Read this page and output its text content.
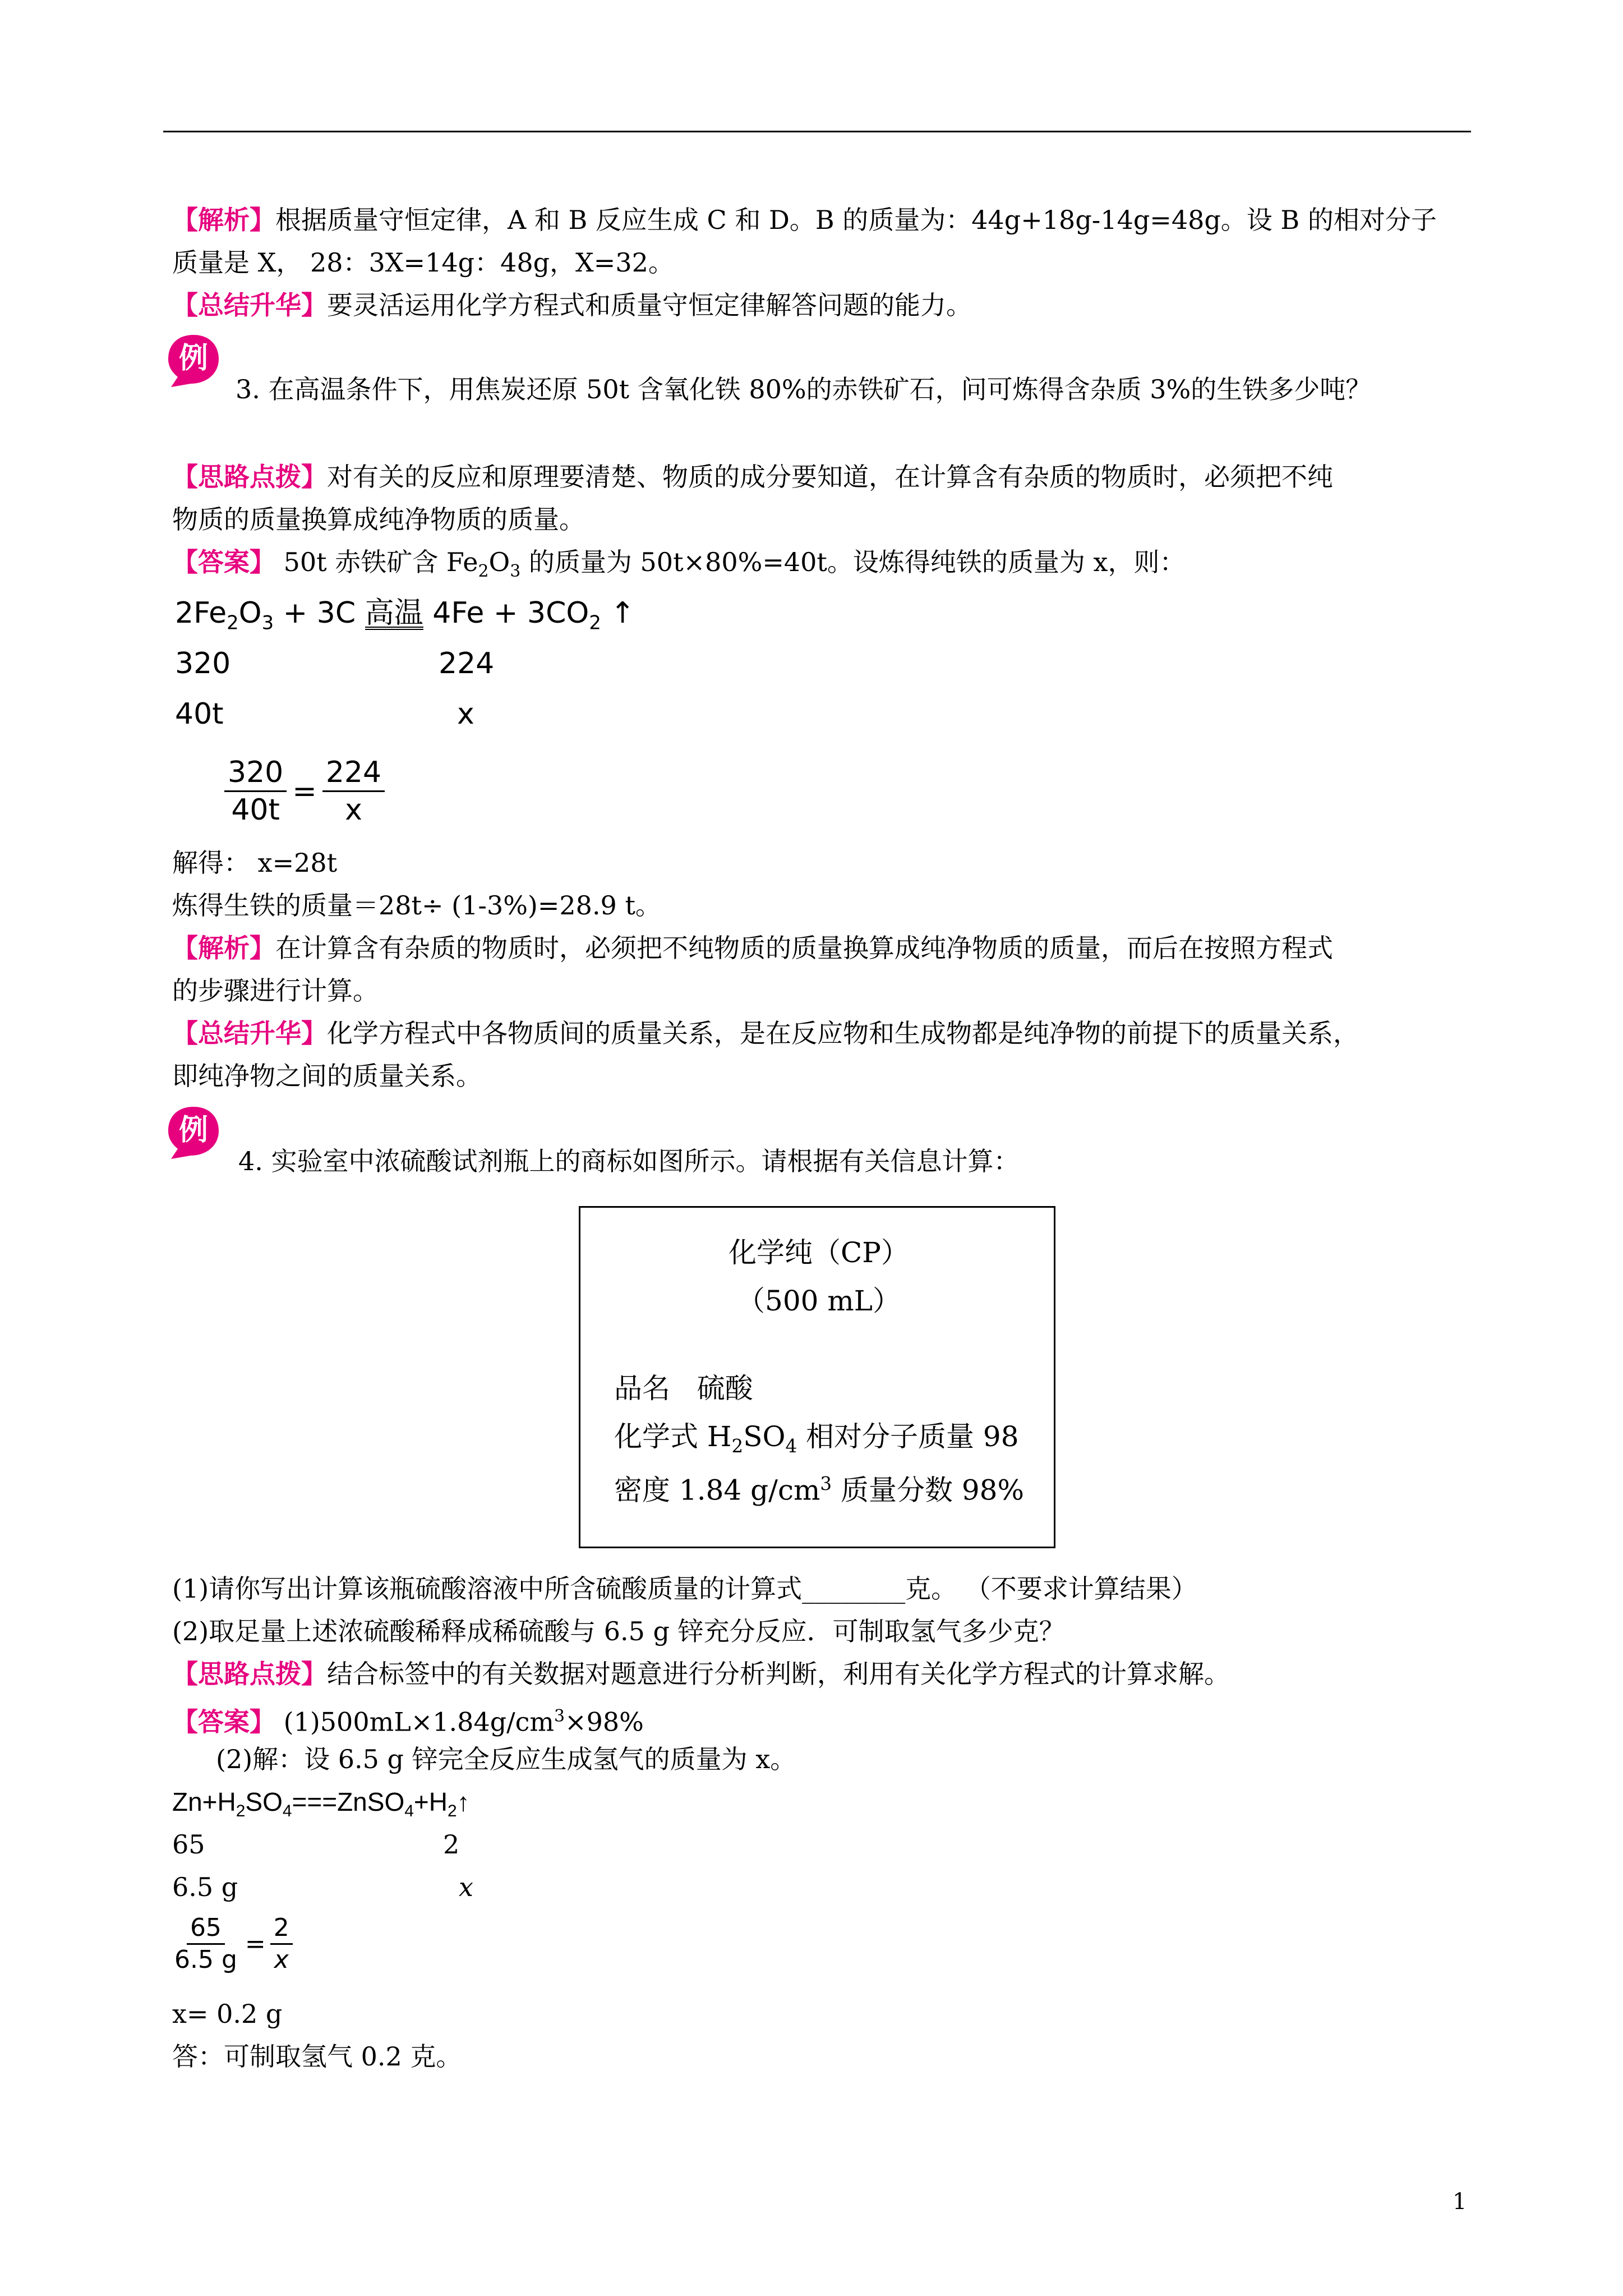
【解析】根据质量守恒定律，A 和 B 反应生成 C 和 D。B 的质量为：44g+18g-14g=48g。设 B 的相对分子
质量是 X， 28：3X=14g：48g，X=32。
【总结升华】要灵活运用化学方程式和质量守恒定律解答问题的能力。
例
3. 在高温条件下，用焦炭还原 50t 含氧化铁 80%的赤铁矿石，问可炼得含杂质 3%的生铁多少吨？
【思路点拨】对有关的反应和原理要清楚、物质的成分要知道，在计算含有杂质的物质时，必须把不纯
物质的质量换算成纯净物质的质量。
【答案】 50t 赤铁矿含 $Fe_2O_3$ 的质量为 50t×80%=40t。设炼得纯铁的质量为 x，则：
$2Fe_2O_3 + 3C$ 高温 $4Fe + 3CO_2$ ↑
320	224
40t	x
$\frac{320}{40t} = \frac{224}{x}$
解得： x=28t
炼得生铁的质量＝28t÷ (1-3%)=28.9 t。
【解析】在计算含有杂质的物质时，必须把不纯物质的质量换算成纯净物质的质量，而后在按照方程式
的步骤进行计算。
【总结升华】化学方程式中各物质间的质量关系，是在反应物和生成物都是纯净物的前提下的质量关系，
即纯净物之间的质量关系。
例
4. 实验室中浓硫酸试剂瓶上的商标如图所示。请根据有关信息计算：
化学纯（CP）
（500 mL）
品名 硫酸
化学式 $H_2SO_4$ 相对分子质量 98
密度 1.84 $g/cm^3$ 质量分数 98%
(1)请你写出计算该瓶硫酸溶液中所含硫酸质量的计算式________克。 （不要求计算结果）
(2)取足量上述浓硫酸稀释成稀硫酸与 6.5 g 锌充分反应．可制取氢气多少克？
【思路点拨】结合标签中的有关数据对题意进行分析判断，利用有关化学方程式的计算求解。
【答案】 $(1)500mL\times 1.84g/cm^3\times 98\%$
(2)解：设 6.5 g 锌完全反应生成氢气的质量为 x。
$Zn+H_2SO_4===ZnSO_4+H_2↑$
65	2
6.5 g	x
$\frac{65}{6.5 g} = \frac{2}{x}$
x= 0.2 g
答：可制取氢气 0.2 克。
1
